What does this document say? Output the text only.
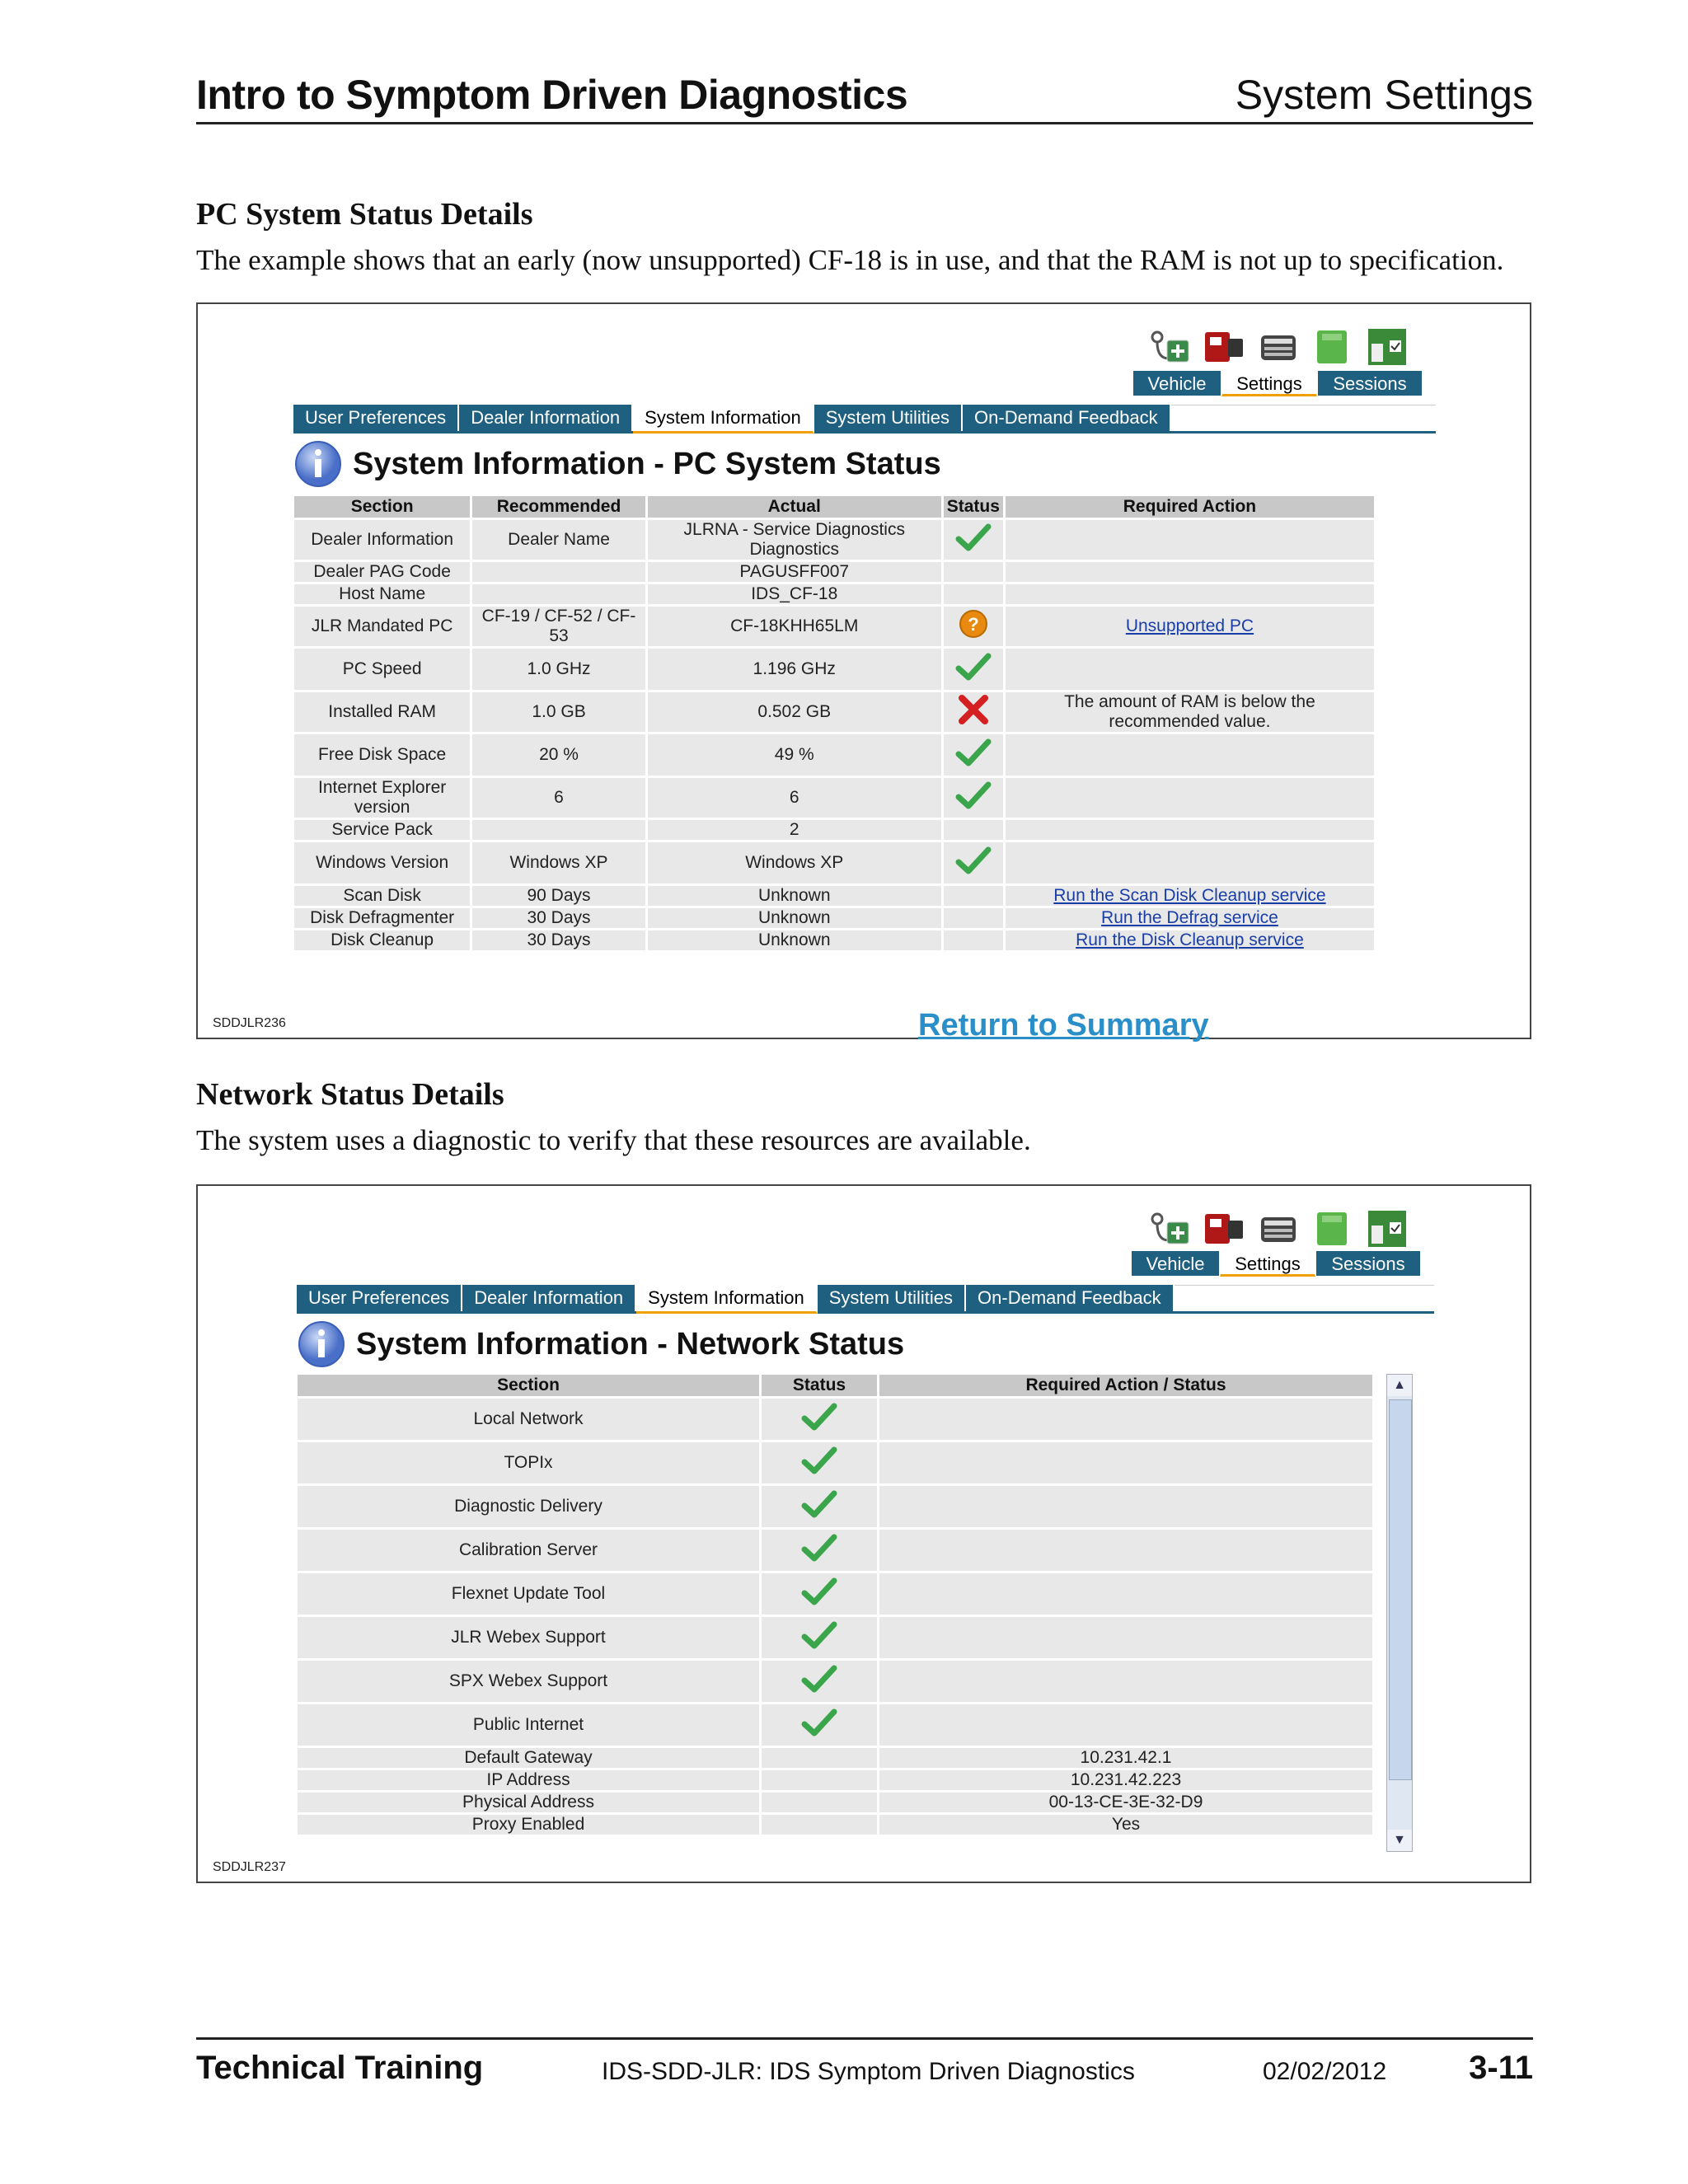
Intro to Symptom Driven Diagnostics	System Settings
PC System Status Details
The example shows that an early (now unsupported) CF-18 is in use, and that the RAM is not up to specification.
Vehicle	Settings	Sessions
User Preferences	Dealer Information	System Information	System Utilities	On-Demand Feedback
System Information - PC System Status
Section	Recommended	Actual	Status	Required Action
Dealer Information	Dealer Name	JLRNA - Service Diagnostics Diagnostics		
Dealer PAG Code		PAGUSFF007		
Host Name		IDS_CF-18		
JLR Mandated PC	CF-19 / CF-52 / CF-53	CF-18KHH65LM	?	Unsupported PC
PC Speed	1.0 GHz	1.196 GHz		
Installed RAM	1.0 GB	0.502 GB		The amount of RAM is below the recommended value.
Free Disk Space	20 %	49 %		
Internet Explorer version	6	6		
Service Pack		2		
Windows Version	Windows XP	Windows XP		
Scan Disk	90 Days	Unknown		Run the Scan Disk Cleanup service
Disk Defragmenter	30 Days	Unknown		Run the Defrag service
Disk Cleanup	30 Days	Unknown		Run the Disk Cleanup service
Return to Summary
SDDJLR236
Network Status Details
The system uses a diagnostic to verify that these resources are available.
Vehicle	Settings	Sessions
User Preferences	Dealer Information	System Information	System Utilities	On-Demand Feedback
System Information - Network Status
Section	Status	Required Action / Status
Local Network		
TOPIx		
Diagnostic Delivery		
Calibration Server		
Flexnet Update Tool		
JLR Webex Support		
SPX Webex Support		
Public Internet		
Default Gateway		10.231.42.1
IP Address		10.231.42.223
Physical Address		00-13-CE-3E-32-D9
Proxy Enabled		Yes
▲
▼
SDDJLR237
Technical Training	IDS-SDD-JLR: IDS Symptom Driven Diagnostics	02/02/2012 3-11
